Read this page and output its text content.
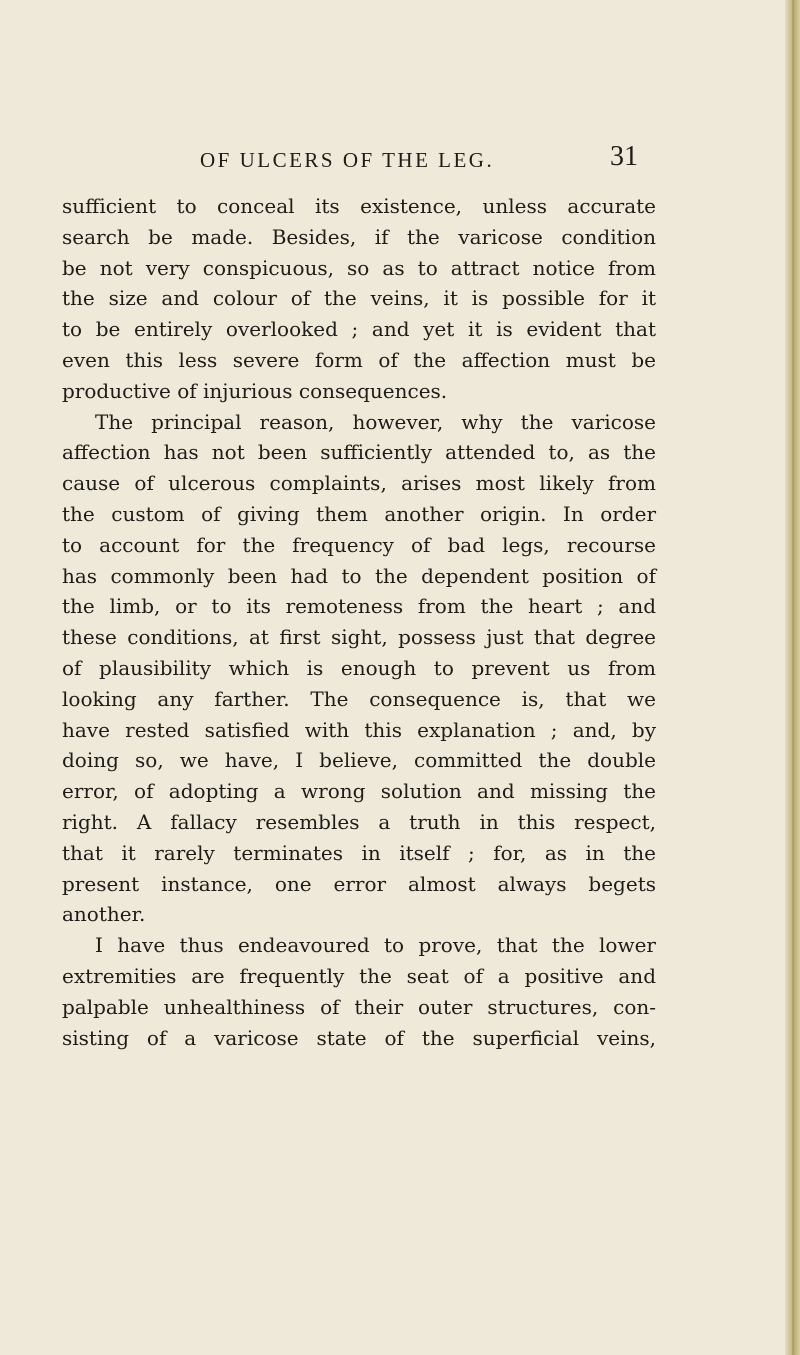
OF ULCERS OF THE LEG.	31
sufficient to conceal its existence, unless accurate
search be made. Besides, if the varicose condition
be not very conspicuous, so as to attract notice from
the size and colour of the veins, it is possible for it
to be entirely overlooked ; and yet it is evident that
even this less severe form of the affection must be
productive of injurious consequences.
The principal reason, however, why the varicose
affection has not been sufficiently attended to, as the
cause of ulcerous complaints, arises most likely from
the custom of giving them another origin. In order
to account for the frequency of bad legs, recourse
has commonly been had to the dependent position of
the limb, or to its remoteness from the heart ; and
these conditions, at first sight, possess just that degree
of plausibility which is enough to prevent us from
looking any farther. The consequence is, that we
have rested satisfied with this explanation ; and, by
doing so, we have, I believe, committed the double
error, of adopting a wrong solution and missing the
right. A fallacy resembles a truth in this respect,
that it rarely terminates in itself ; for, as in the
present instance, one error almost always begets
another.
I have thus endeavoured to prove, that the lower
extremities are frequently the seat of a positive and
palpable unhealthiness of their outer structures, con-
sisting of a varicose state of the superficial veins,
